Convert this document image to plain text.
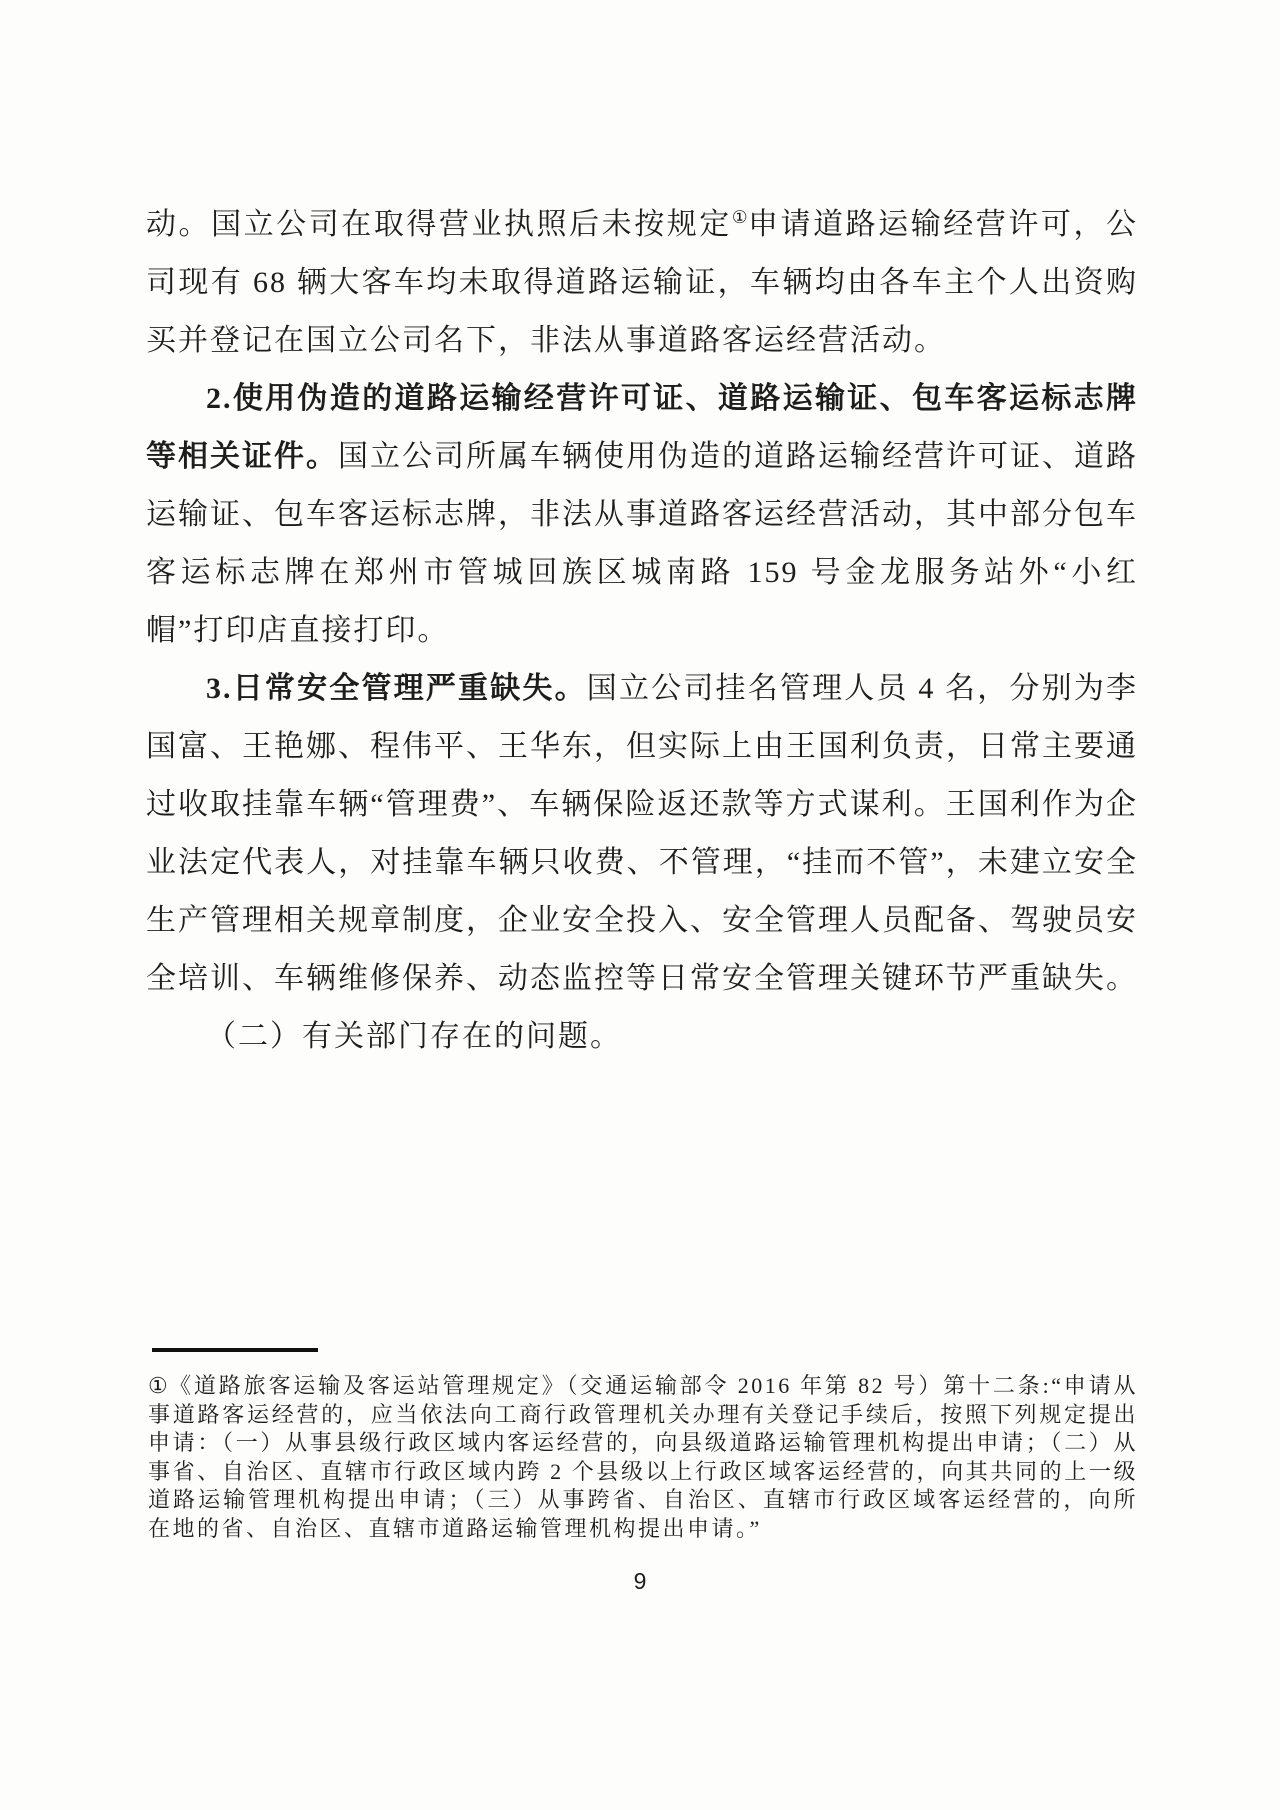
动。国立公司在取得营业执照后未按规定①申请道路运输经营许可，公司现有 68 辆大客车均未取得道路运输证，车辆均由各车主个人出资购买并登记在国立公司名下，非法从事道路客运经营活动。

2.使用伪造的道路运输经营许可证、道路运输证、包车客运标志牌等相关证件。国立公司所属车辆使用伪造的道路运输经营许可证、道路运输证、包车客运标志牌，非法从事道路客运经营活动，其中部分包车客运标志牌在郑州市管城回族区城南路 159 号金龙服务站外“小红帽”打印店直接打印。

3.日常安全管理严重缺失。国立公司挂名管理人员 4 名，分别为李国富、王艳娜、程伟平、王华东，但实际上由王国利负责，日常主要通过收取挂靠车辆“管理费”、车辆保险返还款等方式谋利。王国利作为企业法定代表人，对挂靠车辆只收费、不管理，“挂而不管”，未建立安全生产管理相关规章制度，企业安全投入、安全管理人员配备、驾驶员安全培训、车辆维修保养、动态监控等日常安全管理关键环节严重缺失。

（二）有关部门存在的问题。

①《道路旅客运输及客运站管理规定》（交通运输部令 2016 年第 82 号）第十二条:“申请从事道路客运经营的，应当依法向工商行政管理机关办理有关登记手续后，按照下列规定提出申请：（一）从事县级行政区域内客运经营的，向县级道路运输管理机构提出申请；（二）从事省、自治区、直辖市行政区域内跨 2 个县级以上行政区域客运经营的，向其共同的上一级道路运输管理机构提出申请；（三）从事跨省、自治区、直辖市行政区域客运经营的，向所在地的省、自治区、直辖市道路运输管理机构提出申请。”
9
